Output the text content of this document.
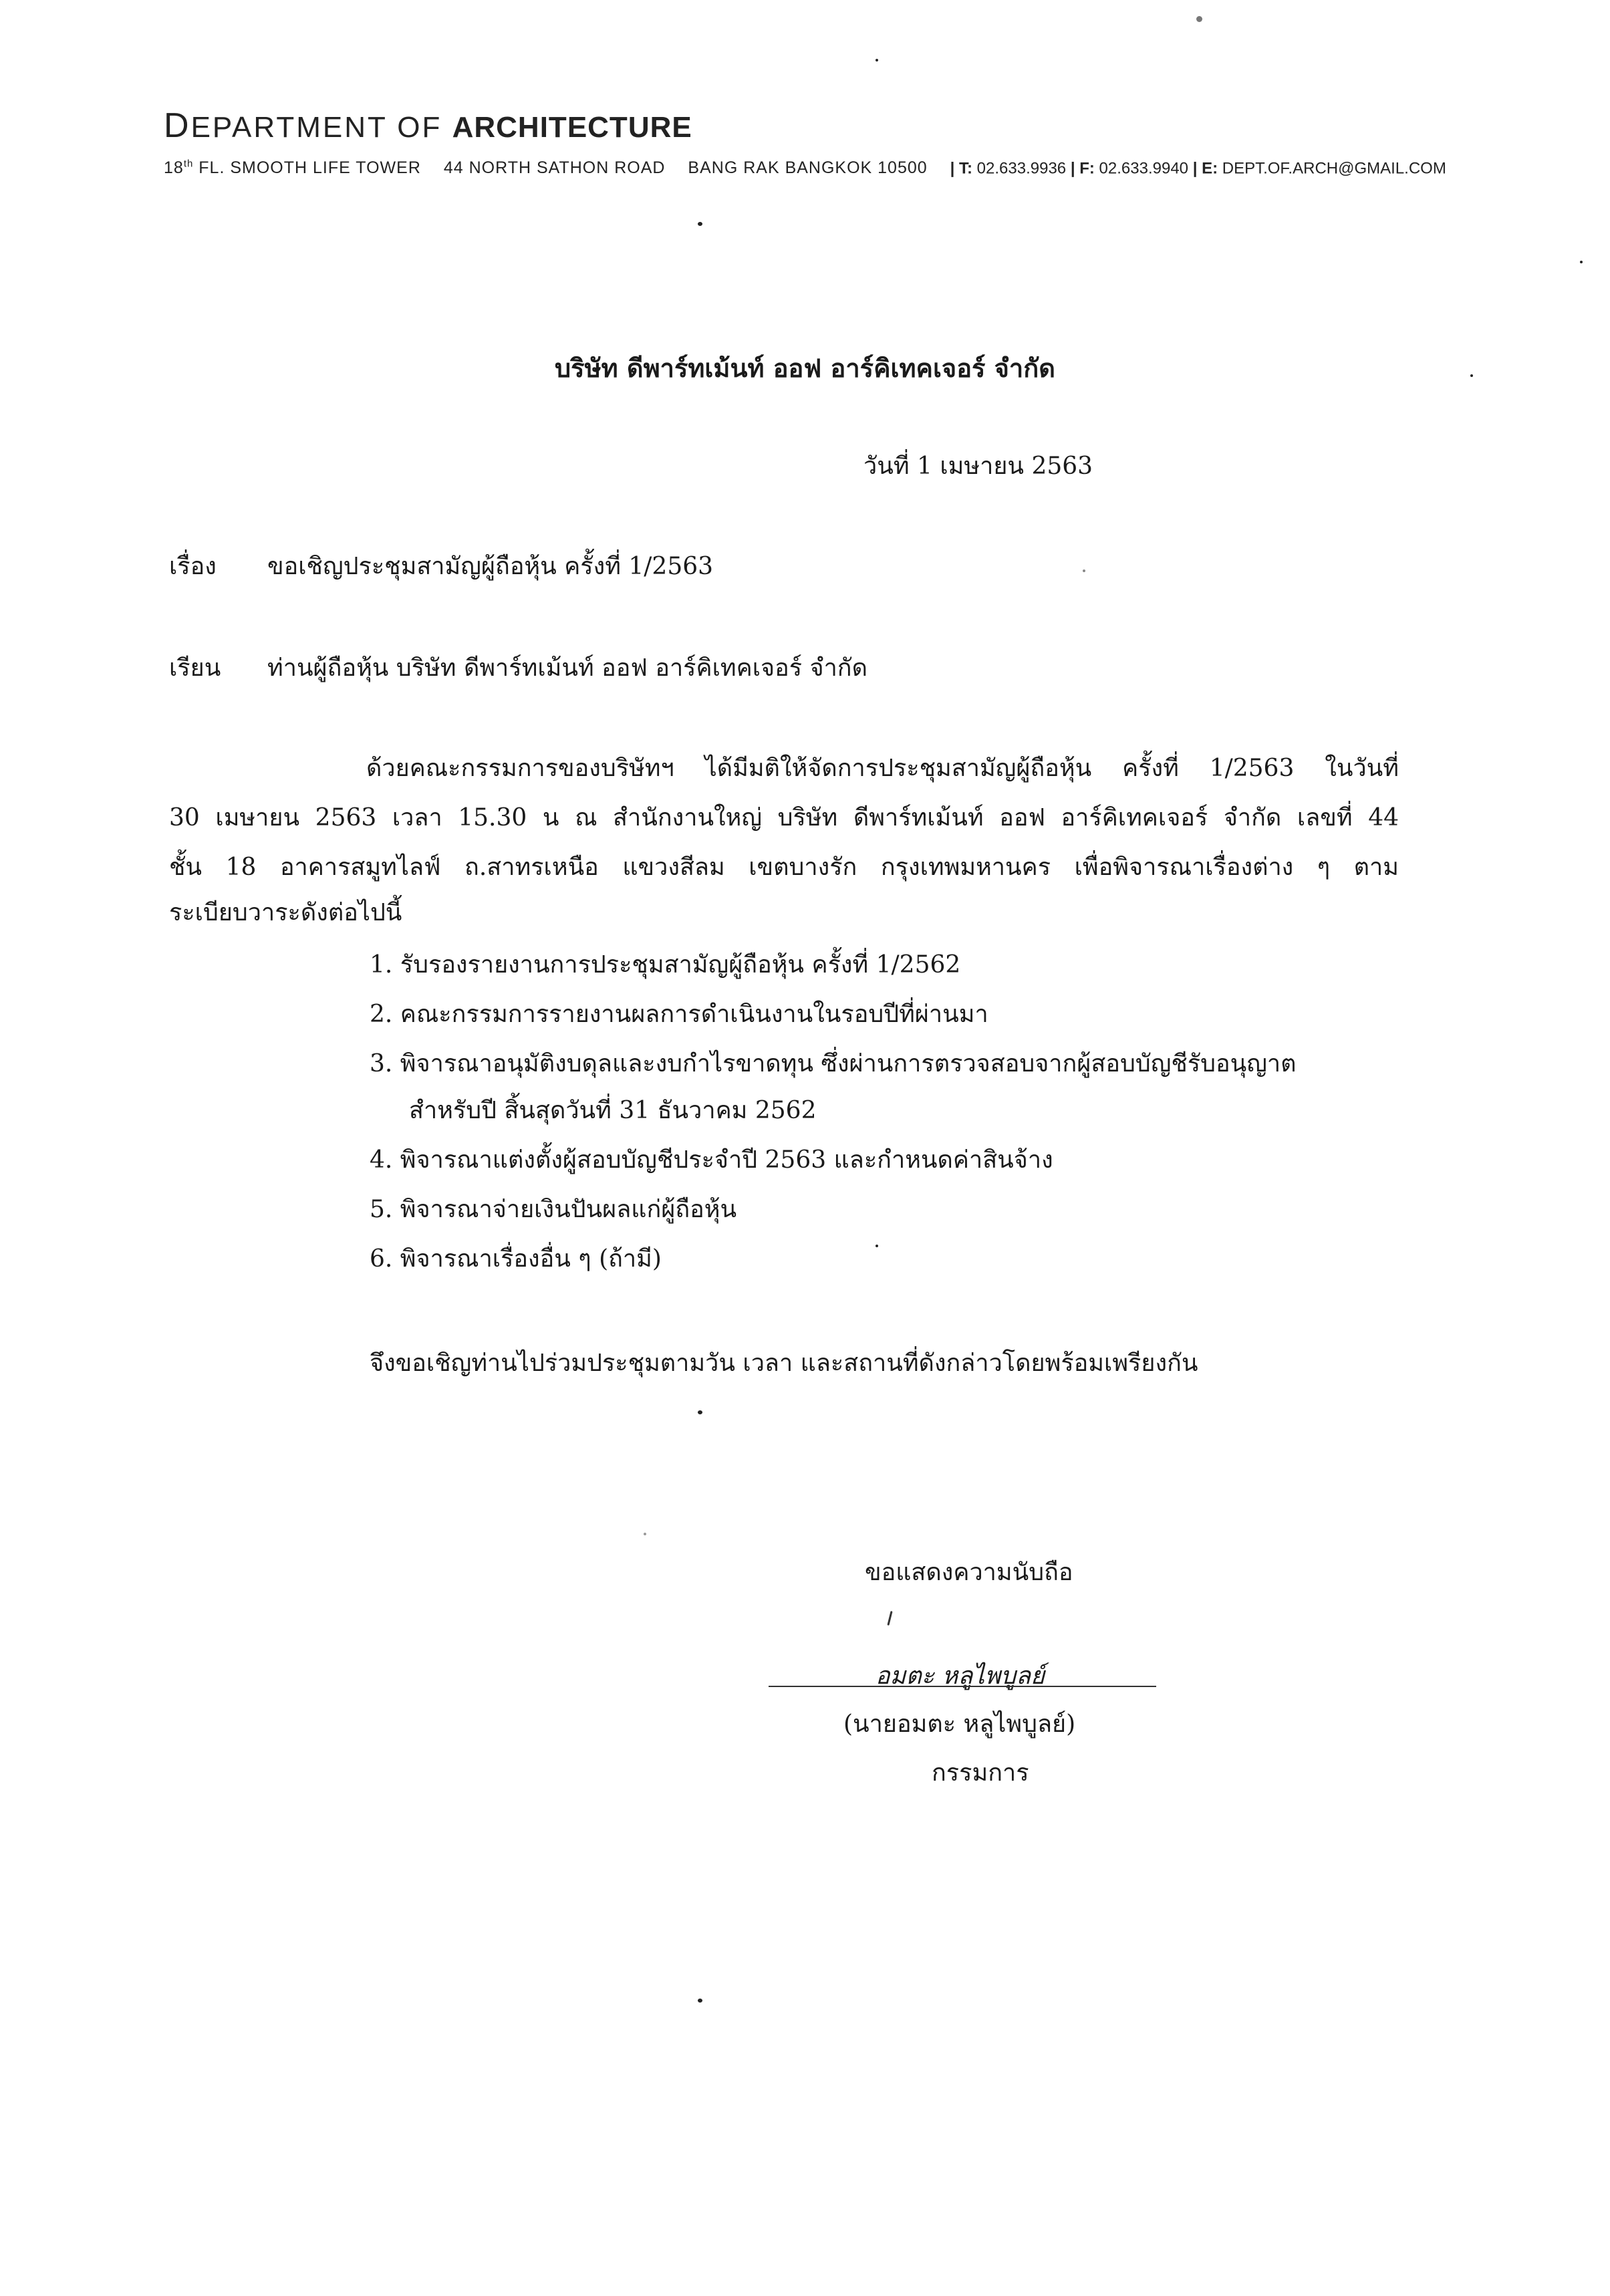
DEPARTMENT OF ARCHITECTURE
18th FL. SMOOTH LIFE TOWER 44 NORTH SATHON ROAD BANG RAK BANGKOK 10500 | T: 02.633.9936 | F: 02.633.9940 | E: DEPT.OF.ARCH@GMAIL.COM
บริษัท ดีพาร์ทเม้นท์ ออฟ อาร์คิเทคเจอร์ จำกัด
วันที่ 1 เมษายน 2563
เรื่อง ขอเชิญประชุมสามัญผู้ถือหุ้น ครั้งที่ 1/2563
เรียน ท่านผู้ถือหุ้น บริษัท ดีพาร์ทเม้นท์ ออฟ อาร์คิเทคเจอร์ จำกัด
ด้วยคณะกรรมการของบริษัทฯ ได้มีมติให้จัดการประชุมสามัญผู้ถือหุ้น ครั้งที่ 1/2563 ในวันที่
30 เมษายน 2563 เวลา 15.30 น ณ สำนักงานใหญ่ บริษัท ดีพาร์ทเม้นท์ ออฟ อาร์คิเทคเจอร์ จำกัด เลขที่ 44
ชั้น 18 อาคารสมูทไลฟ์ ถ.สาทรเหนือ แขวงสีลม เขตบางรัก กรุงเทพมหานคร เพื่อพิจารณาเรื่องต่าง ๆ ตาม
ระเบียบวาระดังต่อไปนี้
1. รับรองรายงานการประชุมสามัญผู้ถือหุ้น ครั้งที่ 1/2562
2. คณะกรรมการรายงานผลการดำเนินงานในรอบปีที่ผ่านมา
3. พิจารณาอนุมัติงบดุลและงบกำไรขาดทุน ซึ่งผ่านการตรวจสอบจากผู้สอบบัญชีรับอนุญาต
สำหรับปี สิ้นสุดวันที่ 31 ธันวาคม 2562
4. พิจารณาแต่งตั้งผู้สอบบัญชีประจำปี 2563 และกำหนดค่าสินจ้าง
5. พิจารณาจ่ายเงินปันผลแก่ผู้ถือหุ้น
6. พิจารณาเรื่องอื่น ๆ (ถ้ามี)
จึงขอเชิญท่านไปร่วมประชุมตามวัน เวลา และสถานที่ดังกล่าวโดยพร้อมเพรียงกัน
ขอแสดงความนับถือ
อมตะ หลูไพบูลย์
(นายอมตะ หลูไพบูลย์)
กรรมการ
